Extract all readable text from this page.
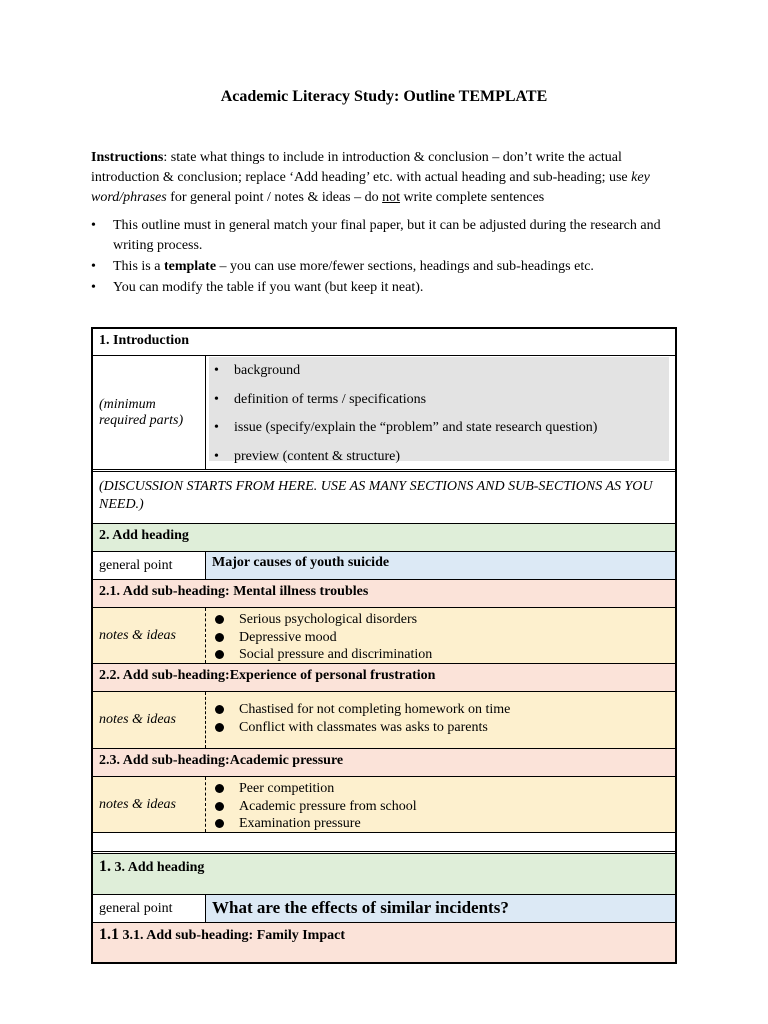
Academic Literacy Study: Outline TEMPLATE
Instructions: state what things to include in introduction & conclusion – don’t write the actual introduction & conclusion; replace ‘Add heading’ etc. with actual heading and sub-heading; use key word/phrases for general point / notes & ideas – do not write complete sentences
• This outline must in general match your final paper, but it can be adjusted during the research and writing process.
• This is a template – you can use more/fewer sections, headings and sub-headings etc.
• You can modify the table if you want (but keep it neat).
1. Introduction
(minimum required parts)
• background
• definition of terms / specifications
• issue (specify/explain the “problem” and state research question)
• preview (content & structure)
(DISCUSSION STARTS FROM HERE. USE AS MANY SECTIONS AND SUB-SECTIONS AS YOU NEED.)
2. Add heading
general point	Major causes of youth suicide
2.1. Add sub-heading: Mental illness troubles
notes & ideas
Serious psychological disorders
Depressive mood
Social pressure and discrimination
2.2. Add sub-heading:Experience of personal frustration
notes & ideas
Chastised for not completing homework on time
Conflict with classmates was asks to parents
2.3. Add sub-heading:Academic pressure
notes & ideas
Peer competition
Academic pressure from school
Examination pressure
1. 3. Add heading
general point	What are the effects of similar incidents?
1.1 3.1. Add sub-heading: Family Impact
